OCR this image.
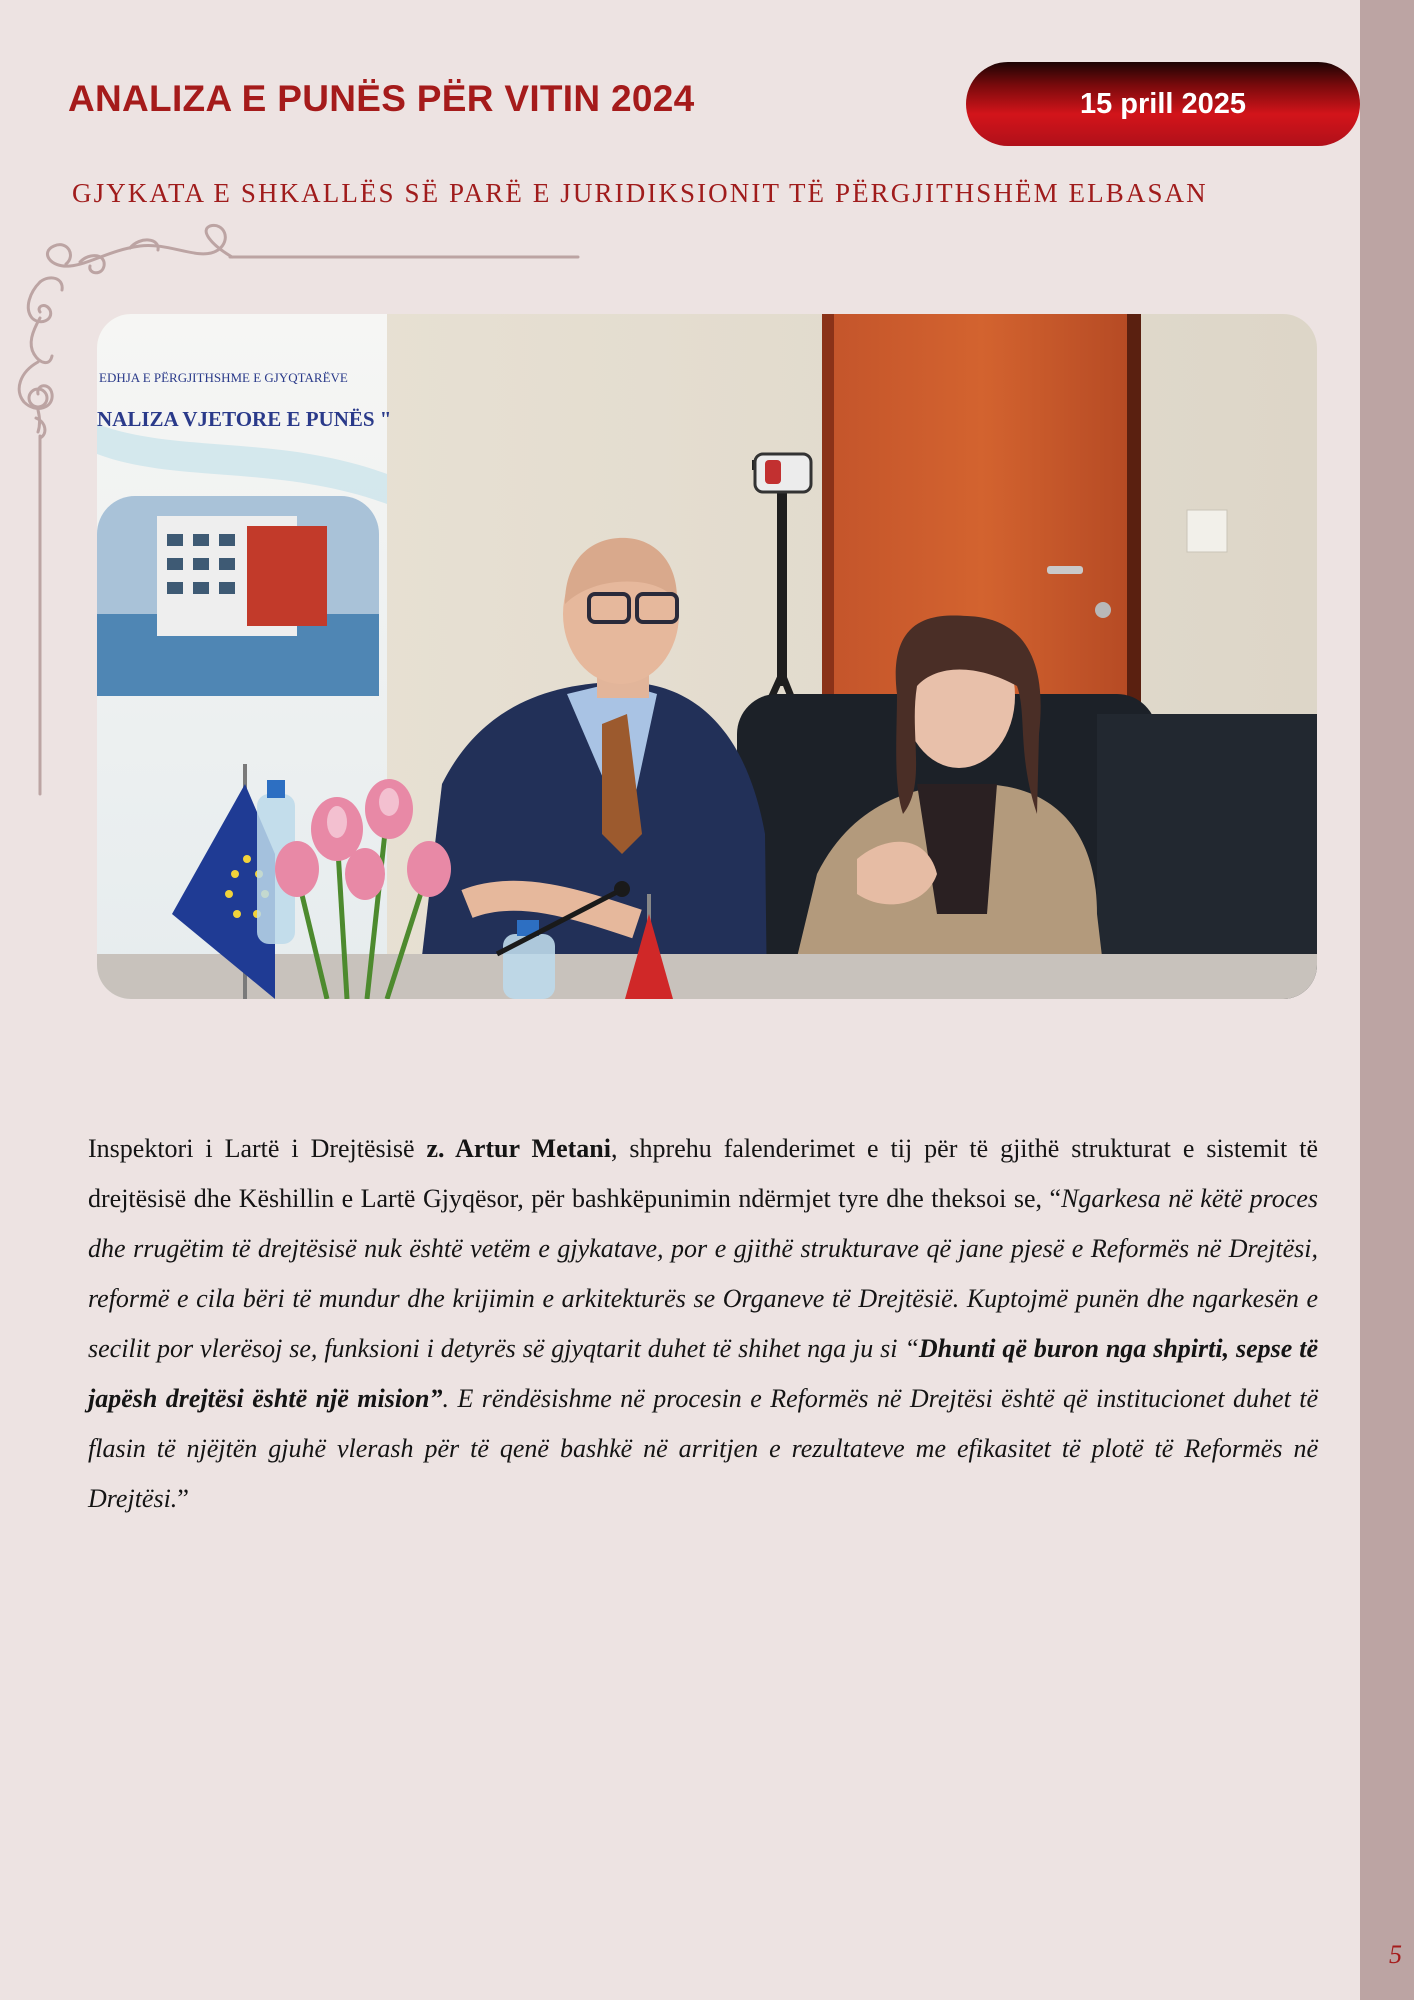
ANALIZA E PUNËS PËR VITIN 2024	15 prill 2025
GJYKATA E SHKALLËS SË PARË E JURIDIKSIONIT TË PËRGJITHSHËM ELBASAN
EDHJA E PËRGJITHSHME E GJYQTARËVE
NALIZA VJETORE E PUNËS "

Inspektori i Lartë i Drejtësisë z. Artur Metani, shprehu falenderimet e tij për të gjithë strukturat e sistemit të drejtësisë dhe Këshillin e Lartë Gjyqësor, për bashkëpunimin ndërmjet tyre dhe theksoi se, “Ngarkesa në këtë proces dhe rrugëtim të drejtësisë nuk është vetëm e gjykatave, por e gjithë strukturave që jane pjesë e Reformës në Drejtësi, reformë e cila bëri të mundur dhe krijimin e arkitekturës se Organeve të Drejtësië. Kuptojmë punën dhe ngarkesën e secilit por vlerësoj se, funksioni i detyrës së gjyqtarit duhet të shihet nga ju si “Dhunti që buron nga shpirti, sepse të japësh drejtësi është një mision”. E rëndësishme në procesin e Reformës në Drejtësi është që institucionet duhet të flasin të njëjtën gjuhë vlerash për të qenë bashkë në arritjen e rezultateve me efikasitet të plotë të Reformës në Drejtësi.”

5
